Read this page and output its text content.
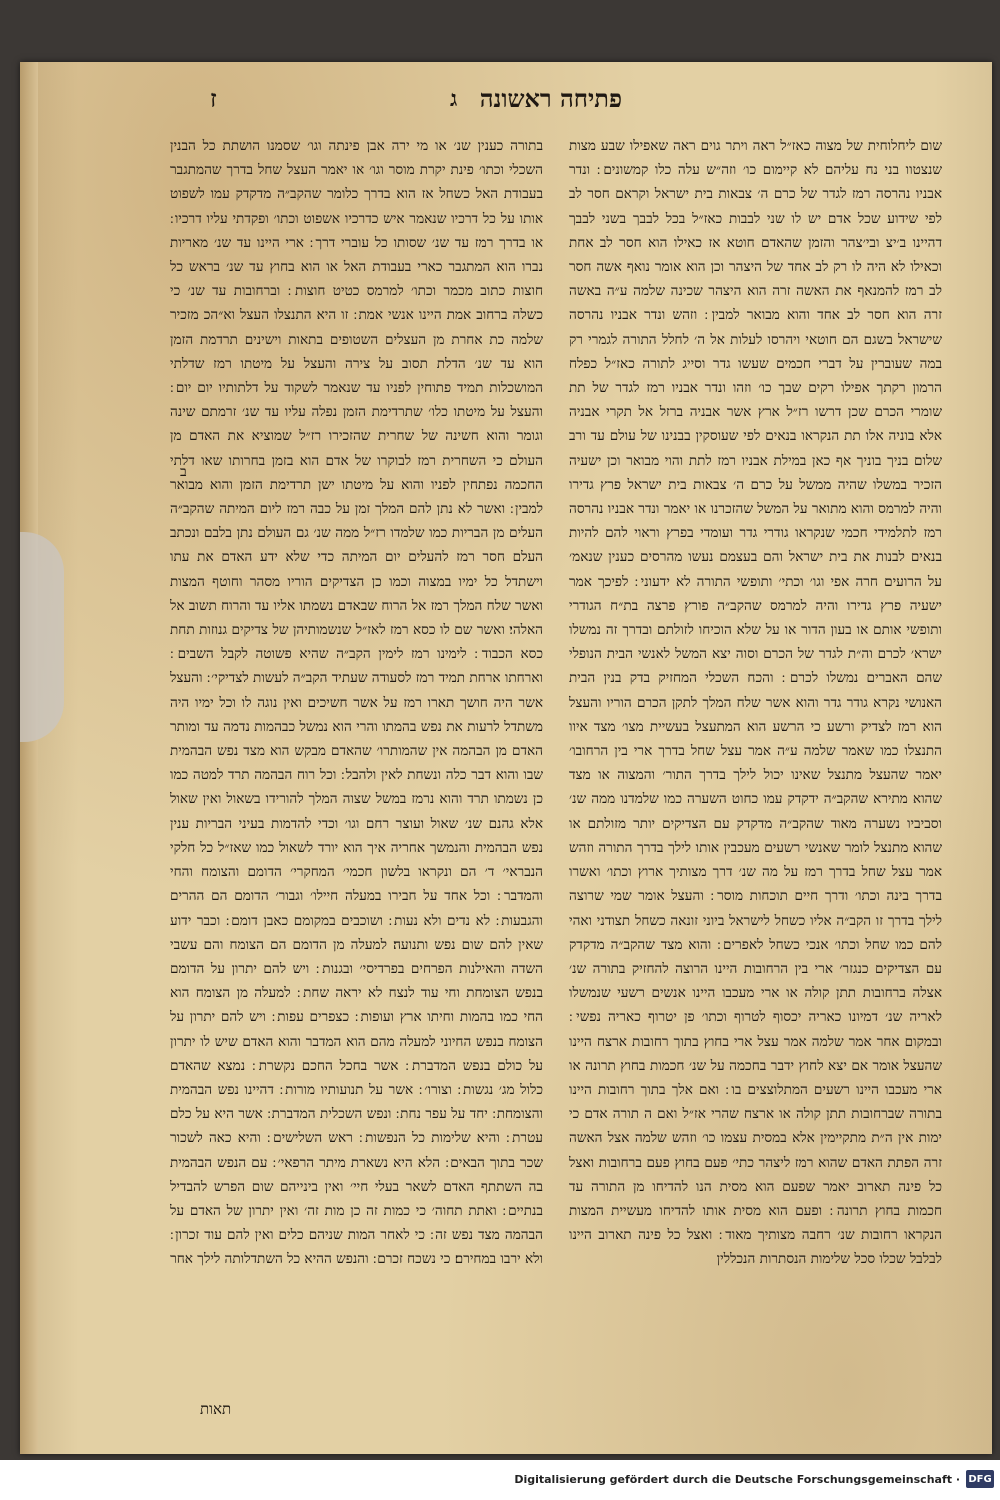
פתיחה ראשונה
ג
ז
ב

שום ליחלוחית של מצוה כאז״ל ראה ויתר גוים ראה שאפילו שבע מצות שנצטוו בני נח עליהם לא קיימום כו׳ וזה״ש עלה כלו קמשונים ׃ ונדר אבניו נהרסה רמז לגדר של כרם ה׳ צבאות בית ישראל וקראם חסר לב לפי שידוע שכל אדם יש לו שני לבבות כאז״ל בכל לבבך בשני לבבך דהיינו ב׳יצ ובי׳צהר והזמן שהאדם חוטא אז כאילו הוא חסר לב אחת וכאילו לא היה לו רק לב אחד של היצהר וכן הוא אומר נואף אשה חסר לב רמז להמנאף את האשה זרה הוא היצהר שכינה שלמה ע״ה באשה זרה הוא חסר לב אחד והוא מבואר למבין ׃ וזהש ונדר אבניו נהרסה שישראל בשגם הם חוטאי ויהרסו לעלות אל ה׳ לחלל התורה לגמרי רק במה שעוברין על דברי חכמים שעשו גדר וסייג לתורה כאז״ל כפלח הרמון רקתך אפילו רקים שבך כו׳ וזהו ונדר אבניו רמז לגדר של תת שומרי הכרם שכן דרשו רז״ל ארץ אשר אבניה ברזל אל תקרי אבניה אלא בוניה אלו תת הנקראו בנאים לפי שעוסקין בבנינו של עולם עד ורב שלום בניך בוניך אף כאן במילת אבניו רמז לתת והוי מבואר וכן ישעיה הזכיר במשלו שהיה ממשל על כרם ה׳ צבאות בית ישראל פרץ גדירו והיה למרמס והוא מתואר על המשל שהזכרנו או יאמר ונדר אבניו נהרסה רמז לתלמידי חכמי שנקראו גודרי גדר ועומדי בפרץ וראוי להם להיות בנאים לבנות את בית ישראל והם בעצמם נעשו מהרסים כענין שנאמ׳ על הרועים חרה אפי וגו׳ וכתי׳ ותופשי התורה לא ידעוני ׃ לפיכך אמר ישעיה פרץ גדירו והיה למרמס שהקב״ה פורץ פרצה בת״ח הגודרי ותופשי אותם או בעון הדור או על שלא הוכיחו לזולתם ובדרך זה נמשלו ישרא׳ לכרם וה״ת לגדר של הכרם וסוה יצא המשל לאנשי הבית הנופלי שהם האברים נמשלו לכרם ׃ והכח השכלי המחזיק בדק בנין הבית האנושי נקרא גודר גדר והוא אשר שלח המלך לתקן הכרם הוריו והעצל הוא רמז לצדיק ורשע כי הרשע הוא המתעצל בעשיית מצו׳ מצד איוו התנצלו כמו שאמר שלמה ע״ה אמר עצל שחל בדרך ארי בין הרחובו׳ יאמר שהעצל מתנצל שאינו יכול לילך בדרך התור׳ והמצוה או מצד שהוא מתירא שהקב״ה ידקדק עמו כחוט השערה כמו שלמדנו ממה שנ׳ וסביביו נשערה מאוד שהקב״ה מדקדק עם הצדיקים יותר מזולתם או שהוא מתנצל לומר שאנשי רשעים מעכבין אותו לילך בדרך התורה וזהש אמר עצל שחל בדרך רמז על מה שנ׳ דרך מצותיך ארוץ וכתו׳ ואשרו בדרך בינה וכתו׳ ודרך חיים תוכחות מוסר ׃ והעצל אומר שמי שרוצה לילך בדרך זו הקב״ה אליו כשחל לישראל ביוני זונאה כשחל תצודני ואהי להם כמו שחל וכתו׳ אנכי כשחל לאפרים ׃ והוא מצד שהקב״ה מדקדק עם הצדיקים כנגזר׳ ארי בין הרחובות היינו הרוצה להחזיק בתורה שנ׳ אצלה ברחובות תתן קולה או ארי מעכבו היינו אנשים רשעי שנמשלו לאריה שנ׳ דמיונו כאריה יכסוף לטרוף וכתו׳ פן יטרוף כאריה נפשי ׃ ובמקום אחר אמר שלמה אמר עצל ארי בחוץ בתוך רחובות ארצח היינו שהעצל אומר אם יצא לחוץ ידבר בחכמה על שנ׳ חכמות בחוץ תרונה או ארי מעכבו היינו רשעים המתלוצצים בו ׃ ואם אלך בתוך רחובות היינו בתורה שברחובות תתן קולה או ארצח שהרי אז״ל ואם ה תורה אדם כי ימות אין ה״ת מתקיימין אלא במסית עצמו כו׳ וזהש שלמה אצל האשה זרה הפתת האדם שהוא רמז ליצהר כתי׳ פעם בחוץ פעם ברחובות ואצל כל פינה תארוב יאמר שפעם הוא מסית הנו להדיחו מן התורה עד חכמות בחוץ תרונה ׃ ופעם הוא מסית אותו להדיחו מעשיית המצות הנקראו רחובות שנ׳ רחבה מצותיך מאוד ׃ ואצל כל פינה תארוב היינו לבלבל שכלו סכל שלימות הנסתרות הנכללין

בתורה כענין שנ׳ או מי ירה אבן פינתה וגו׳ שסמנו הושתת כל הבנין השכלי וכתו׳ פינת יקרת מוסר וגו׳ או יאמר העצל שחל בדרך שהמתגבר בעבודת האל כשחל אז הוא בדרך כלומר שהקב״ה מדקדק עמו לשפוט אותו על כל דרכיו שנאמר איש כדרכיו אשפוט וכתו׳ ופקדתי עליו דרכיו ׃ או בדרך רמז עד שנ׳ שסותו כל עוברי דרך ׃ ארי היינו עד שנ׳ מאריות נברו הוא המתגבר כארי בעבודת האל או הוא בחוץ עד שנ׳ בראש כל חוצות כתוב מכמר וכתו׳ למרמס כטיט חוצות ׃ וברחובות עד שנ׳ כי כשלה ברחוב אמת היינו אנשי אמת ׃ זו היא התנצלו העצל וא״הכ מזכיר שלמה כת אחרת מן העצלים השטופים בתאות וישינים תרדמת הזמן הוא עד שנ׳ הדלת תסוב על צירה והעצל על מיטתו רמז שדלתי המושכלות תמיד פתוחין לפניו עד שנאמר לשקוד על דלתותיו יום יום ׃ והעצל על מיטתו כלו׳ שתרדימת הזמן נפלה עליו עד שנ׳ זרמתם שינה וגומר והוא חשינה של שחרית שהזכירו רז״ל שמוציא את האדם מן העולם כי השחרית רמז לבוקרו של אדם הוא בזמן בחרותו שאו דלתי החכמה נפתחין לפניו והוא על מיטתו ישן תרדימת הזמן והוא מבואר למבין ׃ ואשר לא נתן להם המלך זמן על כבה רמז ליום המיתה שהקב״ה העלים מן הבריות כמו שלמדו רז״ל ממה שנ׳ גם העולם נתן בלבם ונכתב העלם חסר רמז להעלים יום המיתה כדי שלא ידע האדם את עתו וישתדל כל ימיו במצוה וכמו כן הצדיקים הוריו מסהר וחוטף המצות ואשר שלח המלך רמז אל הרוח שבאדם נשמתו אליו עד והרוח תשוב אל האלהי׃ ואשר שם לו כסא רמז לאז״ל שנשמותיהן של צדיקים גנוזות תחת כסא הכבוד ׃ לימינו רמז לימין הקב״ה שהיא פשוטה לקבל השבים ׃ וארחתו ארחת תמיד רמז לסעודה שעתיד הקב״ה לעשות לצדיקי׳ ׃ והעצל אשר היה חושך תארו רמז על אשר חשיכים ואין נוגה לו וכל ימיו היה משתדל לרעות את נפש בהמתו והרי הוא נמשל כבהמות נדמה עד ומותר האדם מן הבהמה אין שהמותרו׳ שהאדם מבקש הוא מצד נפש הבהמית שבו והוא דבר כלה ונשחת לאין ולהבל ׃ וכל רוח הבהמה תרד למטה כמו כן נשמתו תרד והוא נרמז במשל שצוה המלך להורידו בשאול ואין שאול אלא גהנם שנ׳ שאול ועוצר רחם וגו׳ וכדי להדמות בעיני הבריות ענין נפש הבהמית והנמשך אחריה איך הוא יורד לשאול כמו שאז״ל כל חלקי הנבראי׳ ד׳ הם ונקראו בלשון חכמי׳ המחקרי׳ הדומם והצומח והחי והמדבר ׃ וכל אחד על חבירו במעלה חיילו׳ וגבור׳ הדומם הם ההרים והגבעות ׃ לא נדים ולא נעות ׃ ושוכבים במקומם כאבן דומם ׃ וכבר ידוע שאין להם שום נפש ותנועה׃ למעלה מן הדומם הם הצומח והם עשבי השדה והאילנות הפרחים בפרדיסי׳ ובגנות ׃ ויש להם יתרון על הדומם בנפש הצומחת וחי עוד לנצח לא יראה שחת ׃ למעלה מן הצומח הוא החי כמו בהמות וחיתו ארץ ועופות ׃ כצפרים עפות ׃ ויש להם יתרון על הצומח בנפש החיוני למעלה מהם הוא המדבר והוא האדם שיש לו יתרון על כולם בנפש המדברת ׃ אשר בחכל החכם נקשרת ׃ נמצא שהאדם כלול מג׳ נגשות ׃ וצורו׳ ׃ אשר על תנועותיו מורות ׃ דהיינו נפש הבהמית והצומחת ׃ יחד על עפר נחת ׃ ונפש השכלית המדברת ׃ אשר היא על כלם עטרת ׃ והיא שלימות כל הנפשות ׃ ראש השלישים ׃ והיא כאה לשכור שכר בתוך הבאים ׃ הלא היא נשארת מיתר הרפאי׳ ׃ עם הנפש הבהמית בה השתתף האדם לשאר בעלי חיי׳ ואין בינייהם שום הפרש להבדיל בנתיים ׃ ואתת תחוה׳ כי כמות זה כן מות זה׳ ואין יתרון של האדם על הבהמה מצד נפש זה ׃ כי לאחר המות שניהם כלים ואין להם עוד זכרון ׃ ולא ירבו במחירם׃ כי נשכח זכרם ׃ והנפש ההיא כל השתדלותה לילך אחר

תאות
Digitalisierung gefördert durch die Deutsche Forschungsgemeinschaft · DFG
